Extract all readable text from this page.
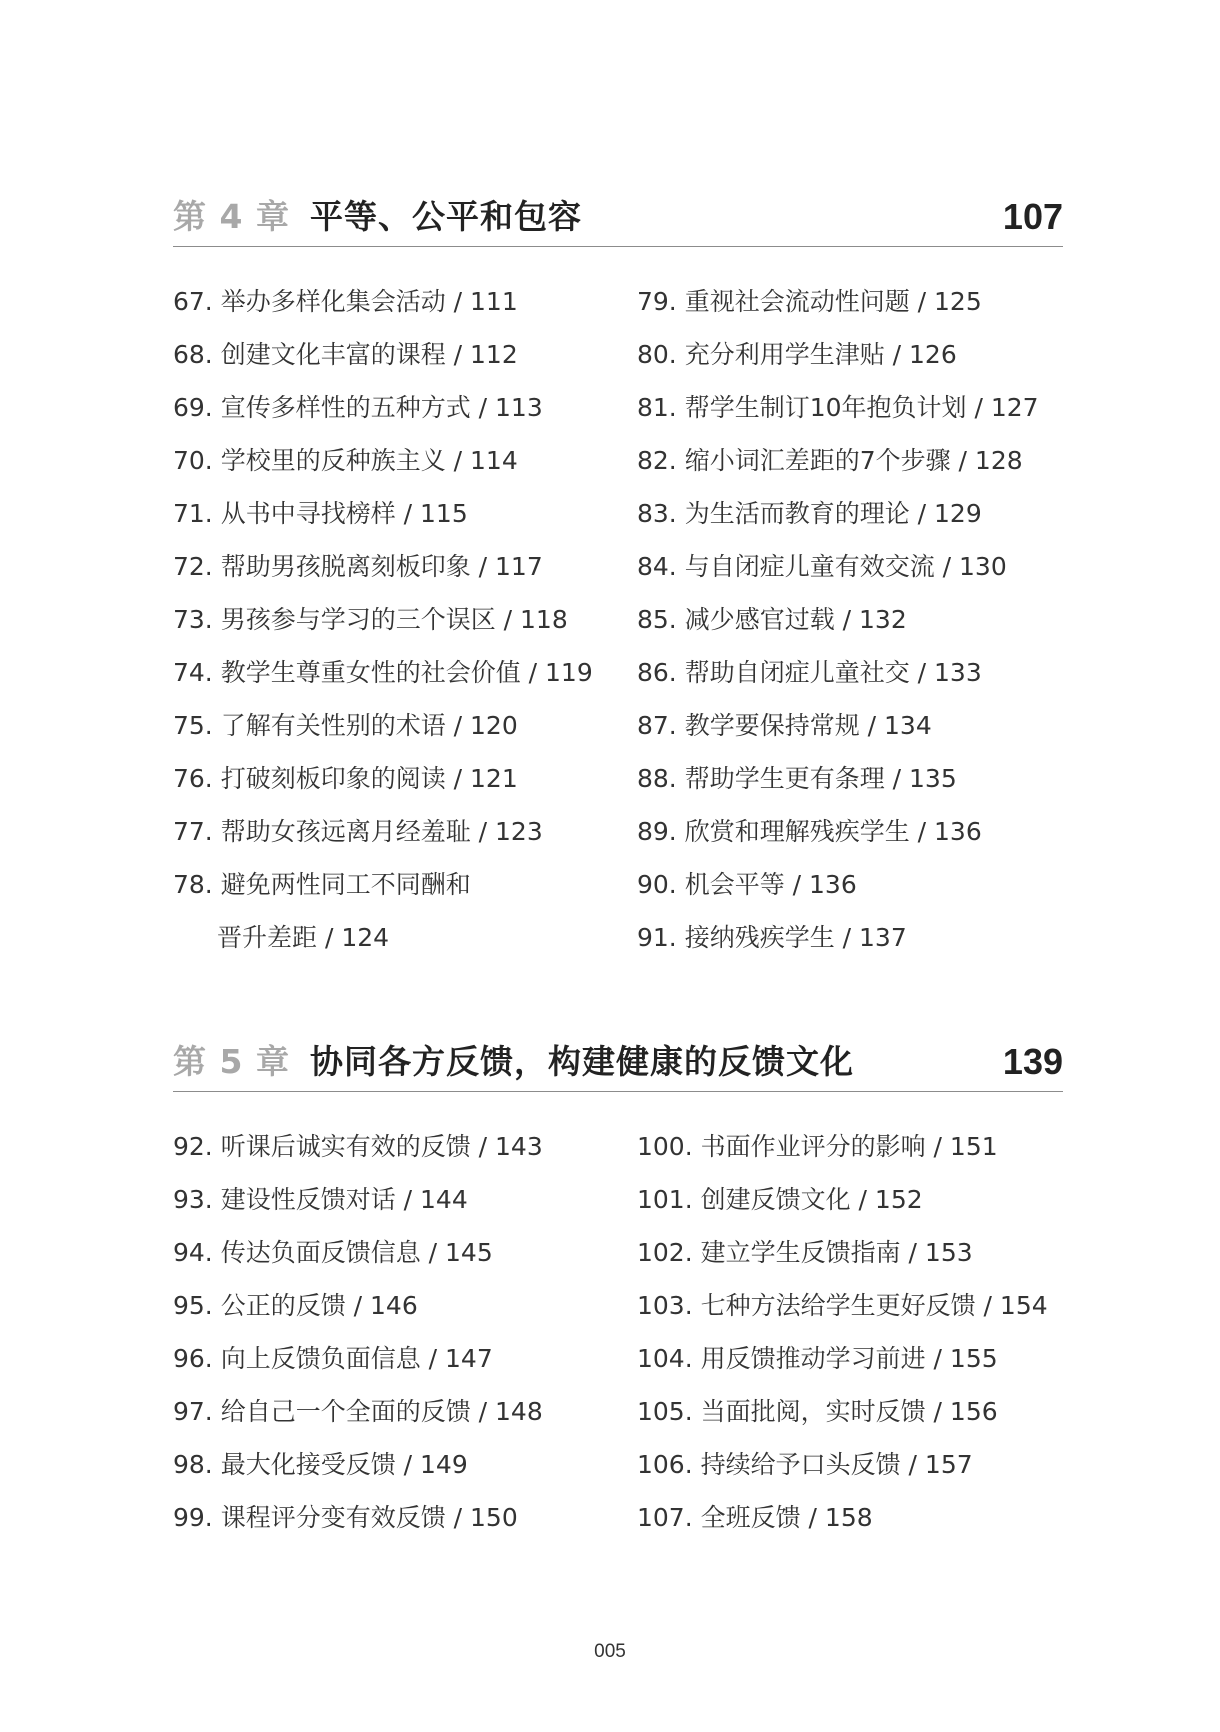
第 4 章 平等、公平和包容	107
67. 举办多样化集会活动 / 111
68. 创建文化丰富的课程 / 112
69. 宣传多样性的五种方式 / 113
70. 学校里的反种族主义 / 114
71. 从书中寻找榜样 / 115
72. 帮助男孩脱离刻板印象 / 117
73. 男孩参与学习的三个误区 / 118
74. 教学生尊重女性的社会价值 / 119
75. 了解有关性别的术语 / 120
76. 打破刻板印象的阅读 / 121
77. 帮助女孩远离月经羞耻 / 123
78. 避免两性同工不同酬和
晋升差距 / 124
79. 重视社会流动性问题 / 125
80. 充分利用学生津贴 / 126
81. 帮学生制订10年抱负计划 / 127
82. 缩小词汇差距的7个步骤 / 128
83. 为生活而教育的理论 / 129
84. 与自闭症儿童有效交流 / 130
85. 减少感官过载 / 132
86. 帮助自闭症儿童社交 / 133
87. 教学要保持常规 / 134
88. 帮助学生更有条理 / 135
89. 欣赏和理解残疾学生 / 136
90. 机会平等 / 136
91. 接纳残疾学生 / 137
第 5 章 协同各方反馈，构建健康的反馈文化	139
92. 听课后诚实有效的反馈 / 143
93. 建设性反馈对话 / 144
94. 传达负面反馈信息 / 145
95. 公正的反馈 / 146
96. 向上反馈负面信息 / 147
97. 给自己一个全面的反馈 / 148
98. 最大化接受反馈 / 149
99. 课程评分变有效反馈 / 150
100. 书面作业评分的影响 / 151
101. 创建反馈文化 / 152
102. 建立学生反馈指南 / 153
103. 七种方法给学生更好反馈 / 154
104. 用反馈推动学习前进 / 155
105. 当面批阅，实时反馈 / 156
106. 持续给予口头反馈 / 157
107. 全班反馈 / 158
005
